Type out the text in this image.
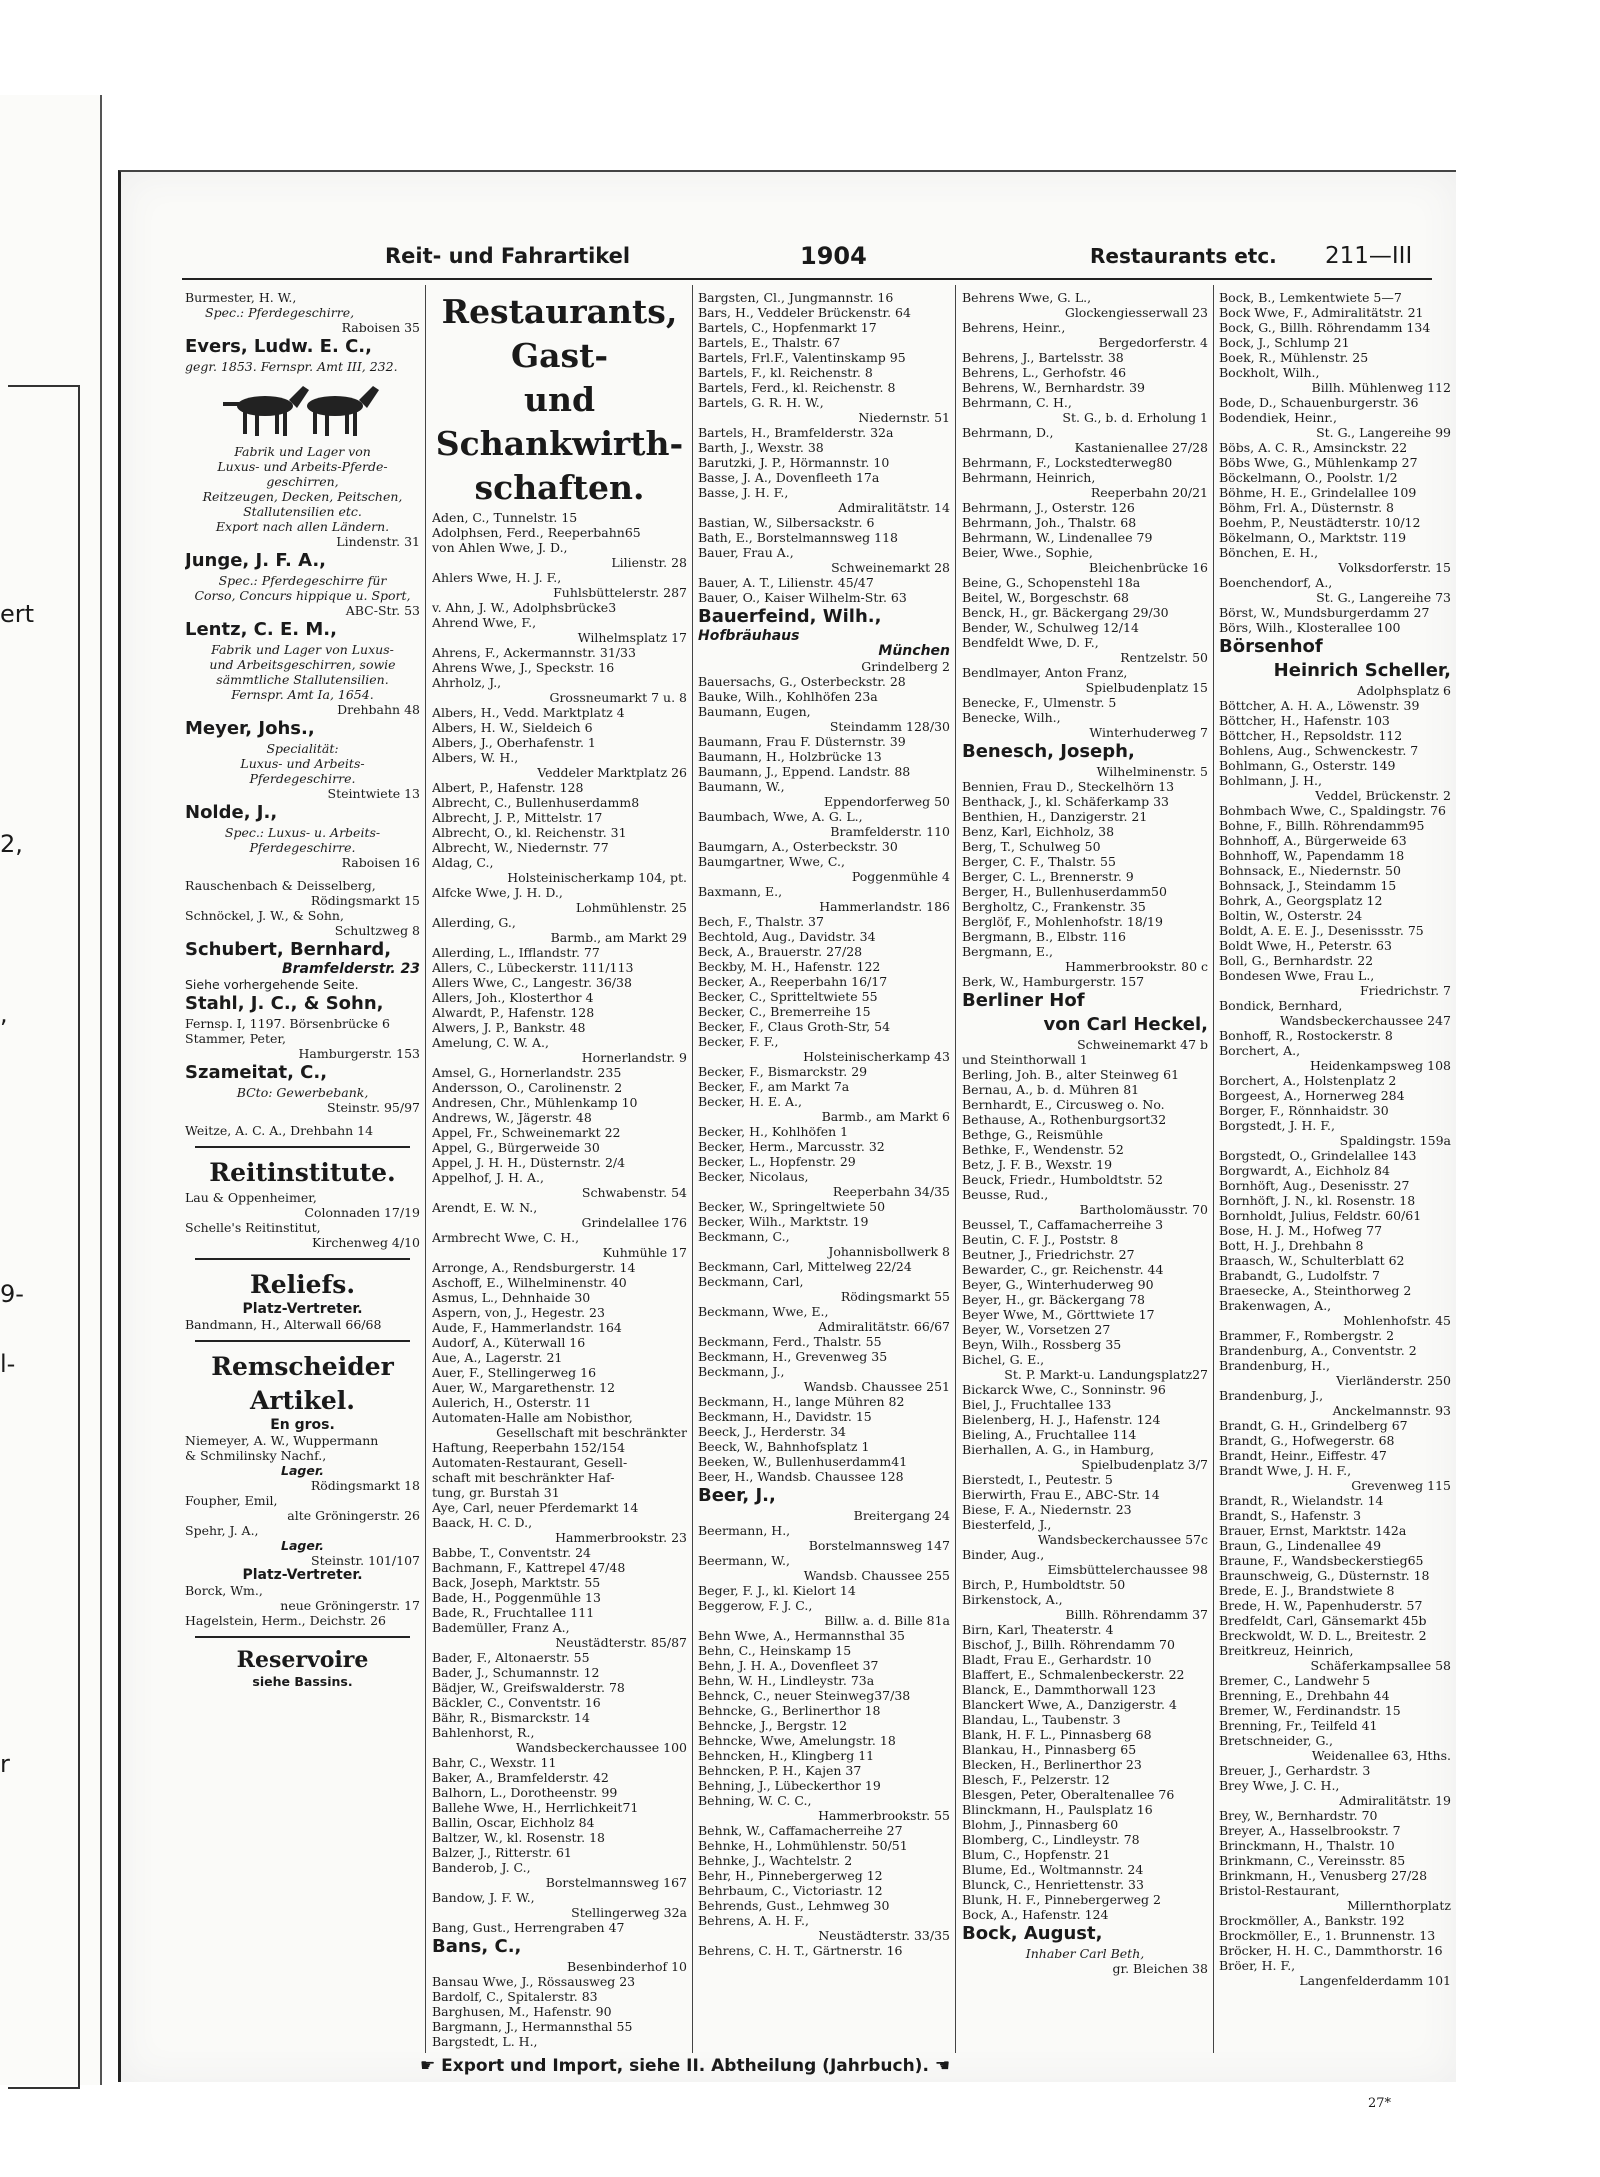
ert
2,
,
9-
l-
r
Reit- und Fahrartikel	1904	Restaurants etc. 211—III
Burmester, H. W.,
Spec.: Pferdegeschirre,
Raboisen 35
Evers, Ludw. E. C.,
gegr. 1853. Fernspr. Amt III, 232.
Fabrik und Lager von
Luxus- und Arbeits-Pferde-
geschirren,
Reitzeugen, Decken, Peitschen,
Stallutensilien etc.
Export nach allen Ländern.
Lindenstr. 31
Junge, J. F. A.,
Spec.: Pferdegeschirre für
Corso, Concurs hippique u. Sport,
ABC-Str. 53
Lentz, C. E. M.,
Fabrik und Lager von Luxus-
und Arbeitsgeschirren, sowie
sämmtliche Stallutensilien.
Fernspr. Amt Ia, 1654.
Drehbahn 48
Meyer, Johs.,
Specialität:
Luxus- und Arbeits-
Pferdegeschirre.
Steintwiete 13
Nolde, J.,
Spec.: Luxus- u. Arbeits-
Pferdegeschirre.
Raboisen 16
Rauschenbach & Deisselberg,
Rödingsmarkt 15
Schnöckel, J. W., & Sohn,
Schultzweg 8
Schubert, Bernhard,
Bramfelderstr. 23
Siehe vorhergehende Seite.
Stahl, J. C., & Sohn,
Fernsp. I, 1197. Börsenbrücke 6
Stammer, Peter,
Hamburgerstr. 153
Szameitat, C.,
BCto: Gewerbebank,
Steinstr. 95/97
Weitze, A. C. A., Drehbahn 14
Reitinstitute.
Lau & Oppenheimer,
Colonnaden 17/19
Schelle's Reitinstitut,
Kirchenweg 4/10
Reliefs.
Platz-Vertreter.
Bandmann, H., Alterwall 66/68
Remscheider
Artikel.
En gros.
Niemeyer, A. W., Wuppermann
& Schmilinsky Nachf.,
Lager.
Rödingsmarkt 18
Foupher, Emil,
alte Gröningerstr. 26
Spehr, J. A.,
Lager.
Steinstr. 101/107
Platz-Vertreter.
Borck, Wm.,
neue Gröningerstr. 17
Hagelstein, Herm., Deichstr. 26
Reservoire
siehe Bassins.
Restaurants, Gast-
und Schankwirth-
schaften.
Aden, C., Tunnelstr. 15
Adolphsen, Ferd., Reeperbahn65
von Ahlen Wwe, J. D.,
Lilienstr. 28
Ahlers Wwe, H. J. F.,
Fuhlsbüttelerstr. 287
v. Ahn, J. W., Adolphsbrücke3
Ahrend Wwe, F.,
Wilhelmsplatz 17
Ahrens, F., Ackermannstr. 31/33
Ahrens Wwe, J., Speckstr. 16
Ahrholz, J.,
Grossneumarkt 7 u. 8
Albers, H., Vedd. Marktplatz 4
Albers, H. W., Sieldeich 6
Albers, J., Oberhafenstr. 1
Albers, W. H.,
Veddeler Marktplatz 26
Albert, P., Hafenstr. 128
Albrecht, C., Bullenhuserdamm8
Albrecht, J. P., Mittelstr. 17
Albrecht, O., kl. Reichenstr. 31
Albrecht, W., Niedernstr. 77
Aldag, C.,
Holsteinischerkamp 104, pt.
Alfcke Wwe, J. H. D.,
Lohmühlenstr. 25
Allerding, G.,
Barmb., am Markt 29
Allerding, L., Ifflandstr. 77
Allers, C., Lübeckerstr. 111/113
Allers Wwe, C., Langestr. 36/38
Allers, Joh., Klosterthor 4
Alwardt, P., Hafenstr. 128
Alwers, J. P., Bankstr. 48
Amelung, C. W. A.,
Hornerlandstr. 9
Amsel, G., Hornerlandstr. 235
Andersson, O., Carolinenstr. 2
Andresen, Chr., Mühlenkamp 10
Andrews, W., Jägerstr. 48
Appel, Fr., Schweinemarkt 22
Appel, G., Bürgerweide 30
Appel, J. H. H., Düsternstr. 2/4
Appelhof, J. H. A.,
Schwabenstr. 54
Arendt, E. W. N.,
Grindelallee 176
Armbrecht Wwe, C. H.,
Kuhmühle 17
Arronge, A., Rendsburgerstr. 14
Aschoff, E., Wilhelminenstr. 40
Asmus, L., Dehnhaide 30
Aspern, von, J., Hegestr. 23
Aude, F., Hammerlandstr. 164
Audorf, A., Küterwall 16
Aue, A., Lagerstr. 21
Auer, F., Stellingerweg 16
Auer, W., Margarethenstr. 12
Aulerich, H., Osterstr. 11
Automaten-Halle am Nobisthor,
Gesellschaft mit beschränkter
Haftung, Reeperbahn 152/154
Automaten-Restaurant, Gesell-
schaft mit beschränkter Haf-
tung, gr. Burstah 31
Aye, Carl, neuer Pferdemarkt 14
Baack, H. C. D.,
Hammerbrookstr. 23
Babbe, T., Conventstr. 24
Bachmann, F., Kattrepel 47/48
Back, Joseph, Marktstr. 55
Bade, H., Poggenmühle 13
Bade, R., Fruchtallee 111
Bademüller, Franz A.,
Neustädterstr. 85/87
Bader, F., Altonaerstr. 55
Bader, J., Schumannstr. 12
Bädjer, W., Greifswalderstr. 78
Bäckler, C., Conventstr. 16
Bähr, R., Bismarckstr. 14
Bahlenhorst, R.,
Wandsbeckerchaussee 100
Bahr, C., Wexstr. 11
Baker, A., Bramfelderstr. 42
Balhorn, L., Dorotheenstr. 99
Ballehe Wwe, H., Herrlichkeit71
Ballin, Oscar, Eichholz 84
Baltzer, W., kl. Rosenstr. 18
Balzer, J., Ritterstr. 61
Banderob, J. C.,
Borstelmannsweg 167
Bandow, J. F. W.,
Stellingerweg 32a
Bang, Gust., Herrengraben 47
Bans, C.,
Besenbinderhof 10
Bansau Wwe, J., Rössausweg 23
Bardolf, C., Spitalerstr. 83
Barghusen, M., Hafenstr. 90
Bargmann, J., Hermannsthal 55
Bargstedt, L. H.,
Bargsten, Cl., Jungmannstr. 16
Bars, H., Veddeler Brückenstr. 64
Bartels, C., Hopfenmarkt 17
Bartels, E., Thalstr. 67
Bartels, Frl.F., Valentinskamp 95
Bartels, F., kl. Reichenstr. 8
Bartels, Ferd., kl. Reichenstr. 8
Bartels, G. R. H. W.,
Niedernstr. 51
Bartels, H., Bramfelderstr. 32a
Barth, J., Wexstr. 38
Barutzki, J. P., Hörmannstr. 10
Basse, J. A., Dovenfleeth 17a
Basse, J. H. F.,
Admiralitätstr. 14
Bastian, W., Silbersackstr. 6
Bath, E., Borstelmannsweg 118
Bauer, Frau A.,
Schweinemarkt 28
Bauer, A. T., Lilienstr. 45/47
Bauer, O., Kaiser Wilhelm-Str. 63
Bauerfeind, Wilh.,
Hofbräuhaus
München
Grindelberg 2
Bauersachs, G., Osterbeckstr. 28
Bauke, Wilh., Kohlhöfen 23a
Baumann, Eugen,
Steindamm 128/30
Baumann, Frau F. Düsternstr. 39
Baumann, H., Holzbrücke 13
Baumann, J., Eppend. Landstr. 88
Baumann, W.,
Eppendorferweg 50
Baumbach, Wwe, A. G. L.,
Bramfelderstr. 110
Baumgarn, A., Osterbeckstr. 30
Baumgartner, Wwe, C.,
Poggenmühle 4
Baxmann, E.,
Hammerlandstr. 186
Bech, F., Thalstr. 37
Bechtold, Aug., Davidstr. 34
Beck, A., Brauerstr. 27/28
Beckby, M. H., Hafenstr. 122
Becker, A., Reeperbahn 16/17
Becker, C., Spritteltwiete 55
Becker, C., Bremerreihe 15
Becker, F., Claus Groth-Str, 54
Becker, F. F.,
Holsteinischerkamp 43
Becker, F., Bismarckstr. 29
Becker, F., am Markt 7a
Becker, H. E. A.,
Barmb., am Markt 6
Becker, H., Kohlhöfen 1
Becker, Herm., Marcusstr. 32
Becker, L., Hopfenstr. 29
Becker, Nicolaus,
Reeperbahn 34/35
Becker, W., Springeltwiete 50
Becker, Wilh., Marktstr. 19
Beckmann, C.,
Johannisbollwerk 8
Beckmann, Carl, Mittelweg 22/24
Beckmann, Carl,
Rödingsmarkt 55
Beckmann, Wwe, E.,
Admiralitätstr. 66/67
Beckmann, Ferd., Thalstr. 55
Beckmann, H., Grevenweg 35
Beckmann, J.,
Wandsb. Chaussee 251
Beckmann, H., lange Mühren 82
Beckmann, H., Davidstr. 15
Beeck, J., Herderstr. 34
Beeck, W., Bahnhofsplatz 1
Beeken, W., Bullenhuserdamm41
Beer, H., Wandsb. Chaussee 128
Beer, J.,
Breitergang 24
Beermann, H.,
Borstelmannsweg 147
Beermann, W.,
Wandsb. Chaussee 255
Beger, F. J., kl. Kielort 14
Beggerow, F. J. C.,
Billw. a. d. Bille 81a
Behn Wwe, A., Hermannsthal 35
Behn, C., Heinskamp 15
Behn, J. H. A., Dovenfleet 37
Behn, W. H., Lindleystr. 73a
Behnck, C., neuer Steinweg37/38
Behncke, G., Berlinerthor 18
Behncke, J., Bergstr. 12
Behncke, Wwe, Amelungstr. 18
Behncken, H., Klingberg 11
Behncken, P. H., Kajen 37
Behning, J., Lübeckerthor 19
Behning, W. C. C.,
Hammerbrookstr. 55
Behnk, W., Caffamacherreihe 27
Behnke, H., Lohmühlenstr. 50/51
Behnke, J., Wachtelstr. 2
Behr, H., Pinnebergerweg 12
Behrbaum, C., Victoriastr. 12
Behrends, Gust., Lehmweg 30
Behrens, A. H. F.,
Neustädterstr. 33/35
Behrens, C. H. T., Gärtnerstr. 16
Behrens Wwe, G. L.,
Glockengiesserwall 23
Behrens, Heinr.,
Bergedorferstr. 4
Behrens, J., Bartelsstr. 38
Behrens, L., Gerhofstr. 46
Behrens, W., Bernhardstr. 39
Behrmann, C. H.,
St. G., b. d. Erholung 1
Behrmann, D.,
Kastanienallee 27/28
Behrmann, F., Lockstedterweg80
Behrmann, Heinrich,
Reeperbahn 20/21
Behrmann, J., Osterstr. 126
Behrmann, Joh., Thalstr. 68
Behrmann, W., Lindenallee 79
Beier, Wwe., Sophie,
Bleichenbrücke 16
Beine, G., Schopenstehl 18a
Beitel, W., Borgeschstr. 68
Benck, H., gr. Bäckergang 29/30
Bender, W., Schulweg 12/14
Bendfeldt Wwe, D. F.,
Rentzelstr. 50
Bendlmayer, Anton Franz,
Spielbudenplatz 15
Benecke, F., Ulmenstr. 5
Benecke, Wilh.,
Winterhuderweg 7
Benesch, Joseph,
Wilhelminenstr. 5
Bennien, Frau D., Steckelhörn 13
Benthack, J., kl. Schäferkamp 33
Benthien, H., Danzigerstr. 21
Benz, Karl, Eichholz, 38
Berg, T., Schulweg 50
Berger, C. F., Thalstr. 55
Berger, C. L., Brennerstr. 9
Berger, H., Bullenhuserdamm50
Bergholtz, C., Frankenstr. 35
Berglöf, F., Mohlenhofstr. 18/19
Bergmann, B., Elbstr. 116
Bergmann, E.,
Hammerbrookstr. 80 c
Berk, W., Hamburgerstr. 157
Berliner Hof
von Carl Heckel,
Schweinemarkt 47 b
und Steinthorwall 1
Berling, Joh. B., alter Steinweg 61
Bernau, A., b. d. Mühren 81
Bernhardt, E., Circusweg o. No.
Bethause, A., Rothenburgsort32
Bethge, G., Reismühle
Bethke, F., Wendenstr. 52
Betz, J. F. B., Wexstr. 19
Beuck, Friedr., Humboldtstr. 52
Beusse, Rud.,
Bartholomäusstr. 70
Beussel, T., Caffamacherreihe 3
Beutin, C. F. J., Poststr. 8
Beutner, J., Friedrichstr. 27
Bewarder, C., gr. Reichenstr. 44
Beyer, G., Winterhuderweg 90
Beyer, H., gr. Bäckergang 78
Beyer Wwe, M., Görttwiete 17
Beyer, W., Vorsetzen 27
Beyn, Wilh., Rossberg 35
Bichel, G. E.,
St. P. Markt-u. Landungsplatz27
Bickarck Wwe, C., Sonninstr. 96
Biel, J., Fruchtallee 133
Bielenberg, H. J., Hafenstr. 124
Bieling, A., Fruchtallee 114
Bierhallen, A. G., in Hamburg,
Spielbudenplatz 3/7
Bierstedt, I., Peutestr. 5
Bierwirth, Frau E., ABC-Str. 14
Biese, F. A., Niedernstr. 23
Biesterfeld, J.,
Wandsbeckerchaussee 57c
Binder, Aug.,
Eimsbüttelerchaussee 98
Birch, P., Humboldtstr. 50
Birkenstock, A.,
Billh. Röhrendamm 37
Birn, Karl, Theaterstr. 4
Bischof, J., Billh. Röhrendamm 70
Bladt, Frau E., Gerhardstr. 10
Blaffert, E., Schmalenbeckerstr. 22
Blanck, E., Dammthorwall 123
Blanckert Wwe, A., Danzigerstr. 4
Blandau, L., Taubenstr. 3
Blank, H. F. L., Pinnasberg 68
Blankau, H., Pinnasberg 65
Blecken, H., Berlinerthor 23
Blesch, F., Pelzerstr. 12
Blesgen, Peter, Oberaltenallee 76
Blinckmann, H., Paulsplatz 16
Blohm, J., Pinnasberg 60
Blomberg, C., Lindleystr. 78
Blum, C., Hopfenstr. 21
Blume, Ed., Woltmannstr. 24
Blunck, C., Henriettenstr. 33
Blunk, H. F., Pinnebergerweg 2
Bock, A., Hafenstr. 124
Bock, August,
Inhaber Carl Beth,
gr. Bleichen 38
Bock, B., Lemkentwiete 5—7
Bock Wwe, F., Admiralitätstr. 21
Bock, G., Billh. Röhrendamm 134
Bock, J., Schlump 21
Boek, R., Mühlenstr. 25
Bockholt, Wilh.,
Billh. Mühlenweg 112
Bode, D., Schauenburgerstr. 36
Bodendiek, Heinr.,
St. G., Langereihe 99
Böbs, A. C. R., Amsinckstr. 22
Böbs Wwe, G., Mühlenkamp 27
Böckelmann, O., Poolstr. 1/2
Böhme, H. E., Grindelallee 109
Böhm, Frl. A., Düsternstr. 8
Boehm, P., Neustädterstr. 10/12
Bökelmann, O., Marktstr. 119
Bönchen, E. H.,
Volksdorferstr. 15
Boenchendorf, A.,
St. G., Langereihe 73
Börst, W., Mundsburgerdamm 27
Börs, Wilh., Klosterallee 100
Börsenhof
Heinrich Scheller,
Adolphsplatz 6
Böttcher, A. H. A., Löwenstr. 39
Böttcher, H., Hafenstr. 103
Böttcher, H., Repsoldstr. 112
Bohlens, Aug., Schwenckestr. 7
Bohlmann, G., Osterstr. 149
Bohlmann, J. H.,
Veddel, Brückenstr. 2
Bohmbach Wwe, C., Spaldingstr. 76
Bohne, F., Billh. Röhrendamm95
Bohnhoff, A., Bürgerweide 63
Bohnhoff, W., Papendamm 18
Bohnsack, E., Niedernstr. 50
Bohnsack, J., Steindamm 15
Bohrk, A., Georgsplatz 12
Boltin, W., Osterstr. 24
Boldt, A. E. E. J., Desenissstr. 75
Boldt Wwe, H., Peterstr. 63
Boll, G., Bernhardstr. 22
Bondesen Wwe, Frau L.,
Friedrichstr. 7
Bondick, Bernhard,
Wandsbeckerchaussee 247
Bonhoff, R., Rostockerstr. 8
Borchert, A.,
Heidenkampsweg 108
Borchert, A., Holstenplatz 2
Borgeest, A., Hornerweg 284
Borger, F., Rönnhaidstr. 30
Borgstedt, J. H. F.,
Spaldingstr. 159a
Borgstedt, O., Grindelallee 143
Borgwardt, A., Eichholz 84
Bornhöft, Aug., Desenisstr. 27
Bornhöft, J. N., kl. Rosenstr. 18
Bornholdt, Julius, Feldstr. 60/61
Bose, H. J. M., Hofweg 77
Bott, H. J., Drehbahn 8
Braasch, W., Schulterblatt 62
Brabandt, G., Ludolfstr. 7
Braesecke, A., Steinthorweg 2
Brakenwagen, A.,
Mohlenhofstr. 45
Brammer, F., Rombergstr. 2
Brandenburg, A., Conventstr. 2
Brandenburg, H.,
Vierländerstr. 250
Brandenburg, J.,
Anckelmannstr. 93
Brandt, G. H., Grindelberg 67
Brandt, G., Hofwegerstr. 68
Brandt, Heinr., Eiffestr. 47
Brandt Wwe, J. H. F.,
Grevenweg 115
Brandt, R., Wielandstr. 14
Brandt, S., Hafenstr. 3
Brauer, Ernst, Marktstr. 142a
Braun, G., Lindenallee 49
Braune, F., Wandsbeckerstieg65
Braunschweig, G., Düsternstr. 18
Brede, E. J., Brandstwiete 8
Brede, H. W., Papenhuderstr. 57
Bredfeldt, Carl, Gänsemarkt 45b
Breckwoldt, W. D. L., Breitestr. 2
Breitkreuz, Heinrich,
Schäferkampsallee 58
Bremer, C., Landwehr 5
Brenning, E., Drehbahn 44
Bremer, W., Ferdinandstr. 15
Brenning, Fr., Teilfeld 41
Bretschneider, G.,
Weidenallee 63, Hths.
Breuer, J., Gerhardstr. 3
Brey Wwe, J. C. H.,
Admiralitätstr. 19
Brey, W., Bernhardstr. 70
Breyer, A., Hasselbrookstr. 7
Brinckmann, H., Thalstr. 10
Brinkmann, C., Vereinsstr. 85
Brinkmann, H., Venusberg 27/28
Bristol-Restaurant,
Millernthorplatz
Brockmöller, A., Bankstr. 192
Brockmöller, E., 1. Brunnenstr. 13
Bröcker, H. H. C., Dammthorstr. 16
Bröer, H. F.,
Langenfelderdamm 101
☛ Export und Import, siehe II. Abtheilung (Jahrbuch). ☚
27*
